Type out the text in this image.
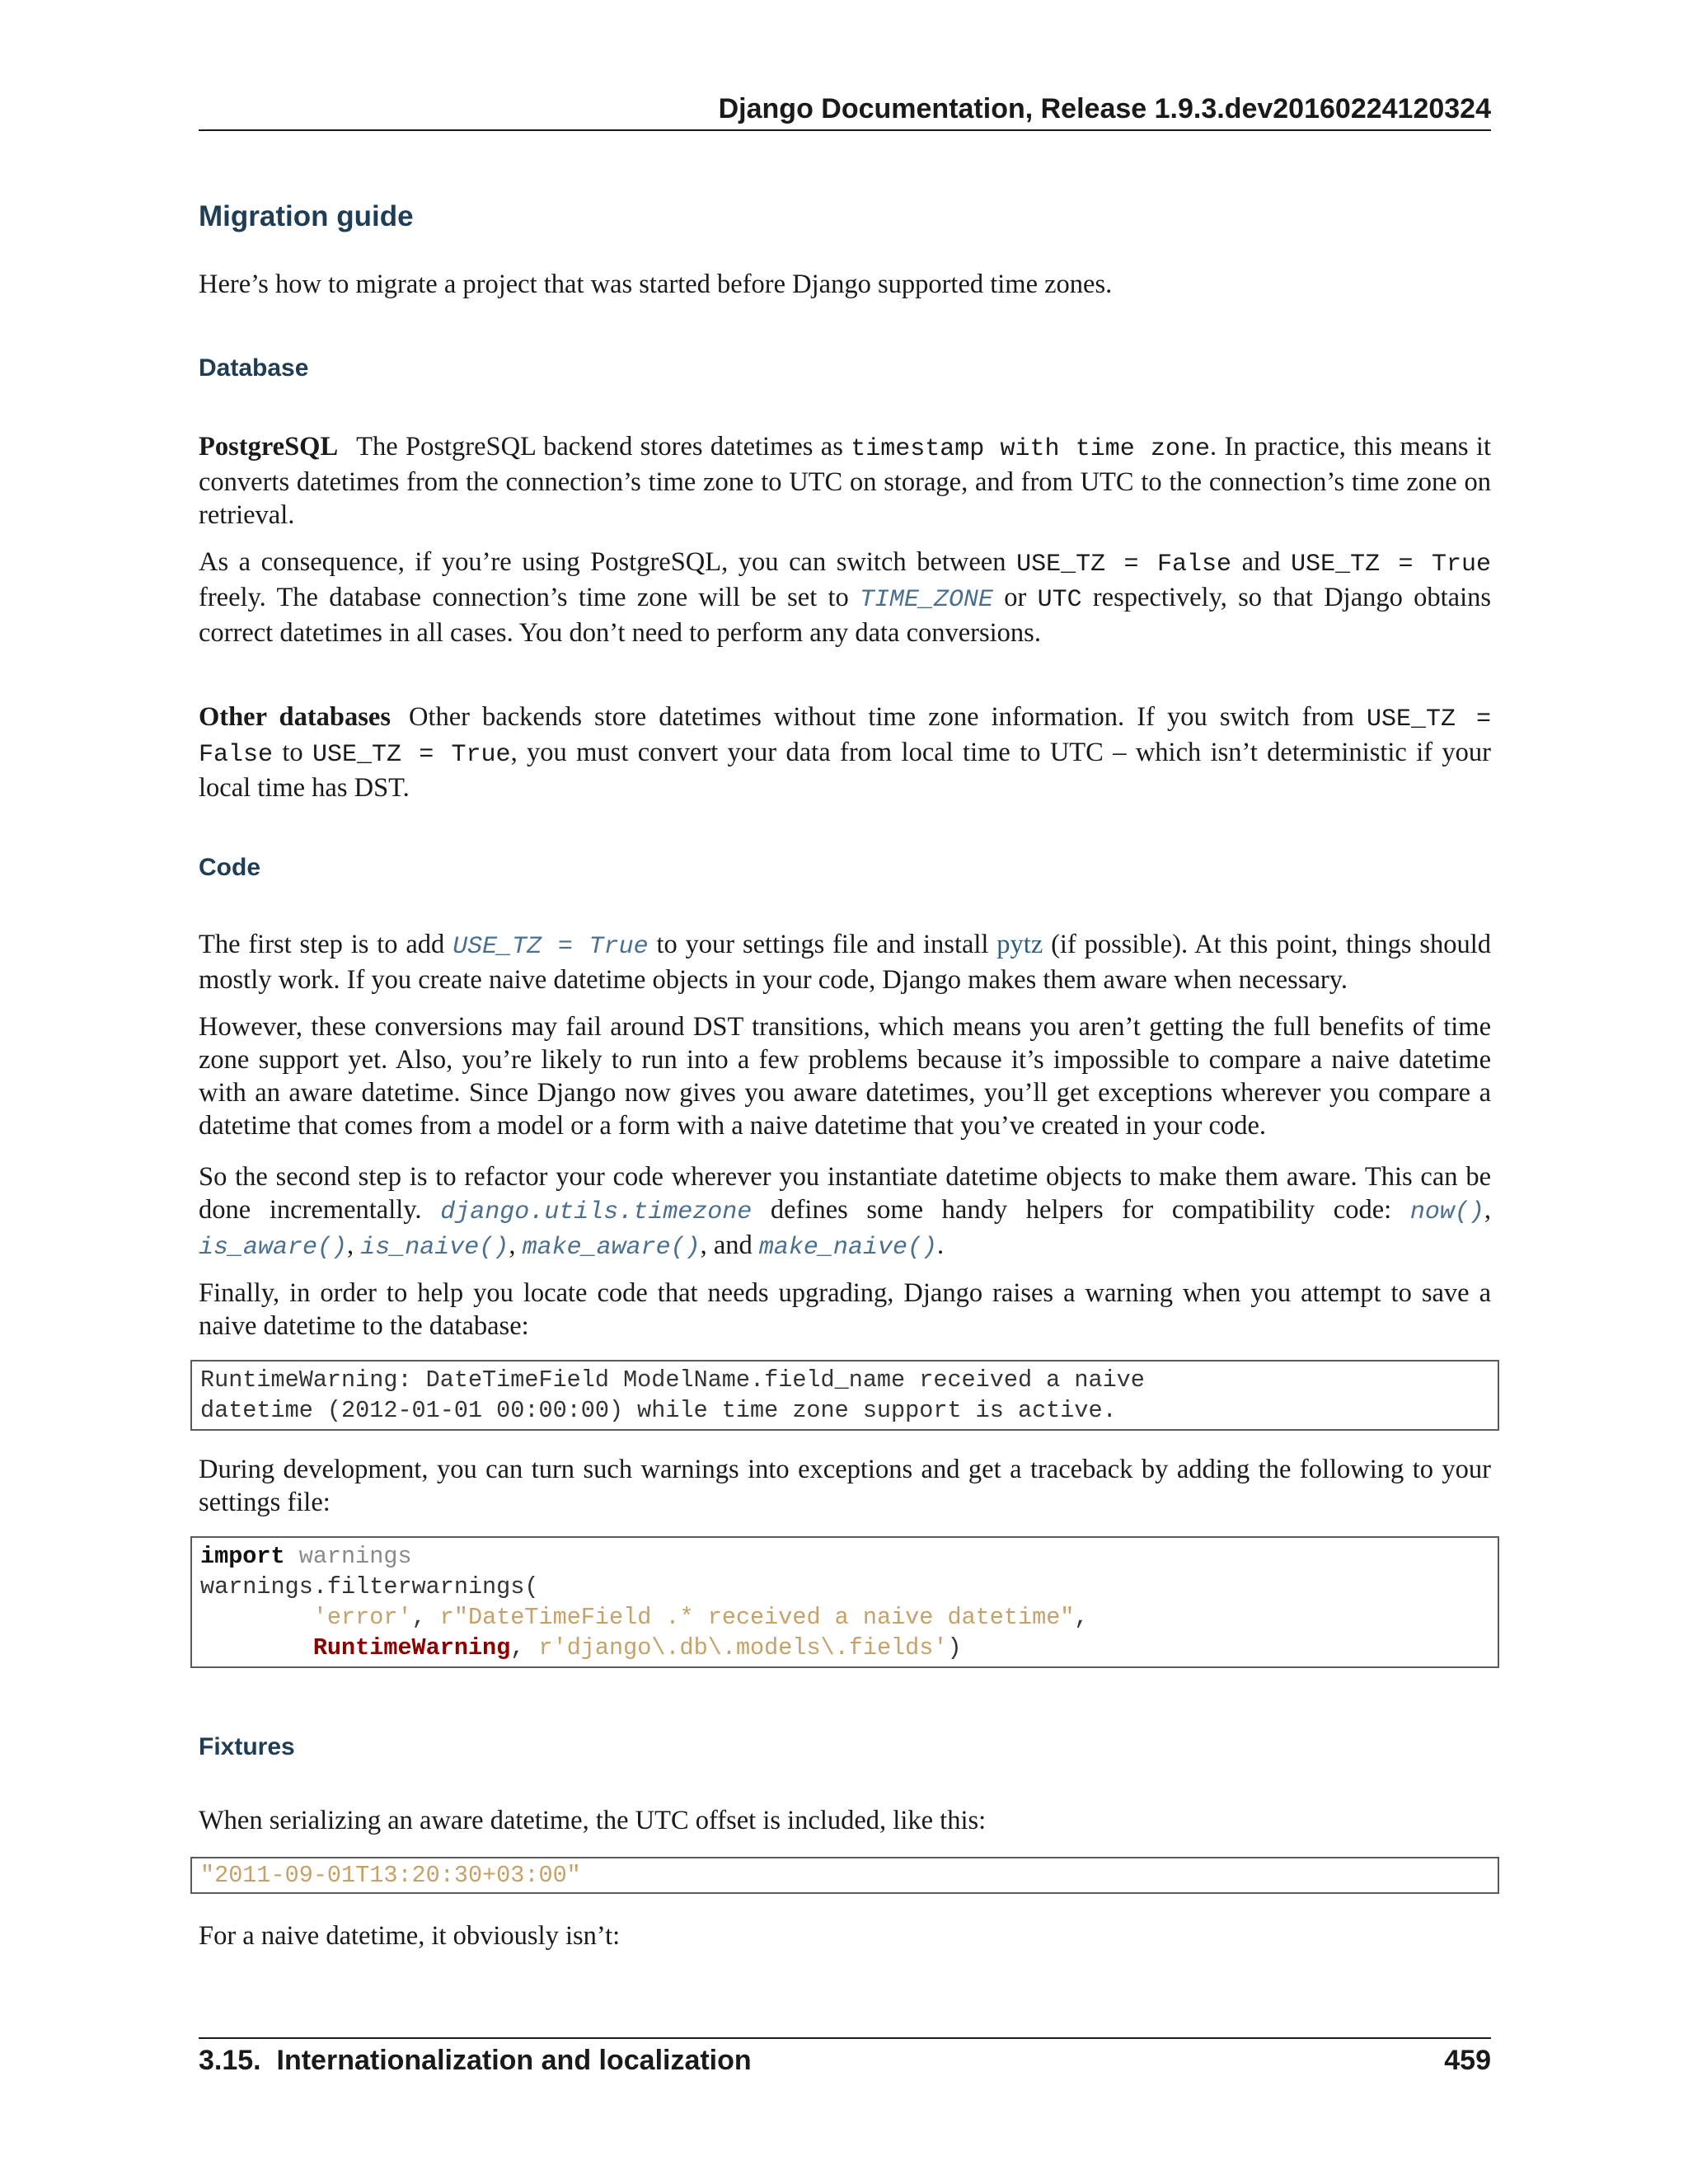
Django Documentation, Release 1.9.3.dev20160224120324
Migration guide
Here’s how to migrate a project that was started before Django supported time zones.
Database
PostgreSQL The PostgreSQL backend stores datetimes as timestamp with time zone. In practice, this means it converts datetimes from the connection’s time zone to UTC on storage, and from UTC to the connection’s time zone on retrieval.
As a consequence, if you’re using PostgreSQL, you can switch between USE_TZ = False and USE_TZ = True freely. The database connection’s time zone will be set to TIME_ZONE or UTC respectively, so that Django obtains correct datetimes in all cases. You don’t need to perform any data conversions.
Other databases Other backends store datetimes without time zone information. If you switch from USE_TZ = False to USE_TZ = True, you must convert your data from local time to UTC – which isn’t deterministic if your local time has DST.
Code
The first step is to add USE_TZ = True to your settings file and install pytz (if possible). At this point, things should mostly work. If you create naive datetime objects in your code, Django makes them aware when necessary.
However, these conversions may fail around DST transitions, which means you aren’t getting the full benefits of time zone support yet. Also, you’re likely to run into a few problems because it’s impossible to compare a naive datetime with an aware datetime. Since Django now gives you aware datetimes, you’ll get exceptions wherever you compare a datetime that comes from a model or a form with a naive datetime that you’ve created in your code.
So the second step is to refactor your code wherever you instantiate datetime objects to make them aware. This can be done incrementally. django.utils.timezone defines some handy helpers for compatibility code: now(), is_aware(), is_naive(), make_aware(), and make_naive().
Finally, in order to help you locate code that needs upgrading, Django raises a warning when you attempt to save a naive datetime to the database:
RuntimeWarning: DateTimeField ModelName.field_name received a naive
datetime (2012-01-01 00:00:00) while time zone support is active.
During development, you can turn such warnings into exceptions and get a traceback by adding the following to your settings file:
import warnings
warnings.filterwarnings(
'error', r"DateTimeField .* received a naive datetime",
RuntimeWarning, r'django\.db\.models\.fields')
Fixtures
When serializing an aware datetime, the UTC offset is included, like this:
"2011-09-01T13:20:30+03:00"
For a naive datetime, it obviously isn’t:
3.15.  Internationalization and localization	459
